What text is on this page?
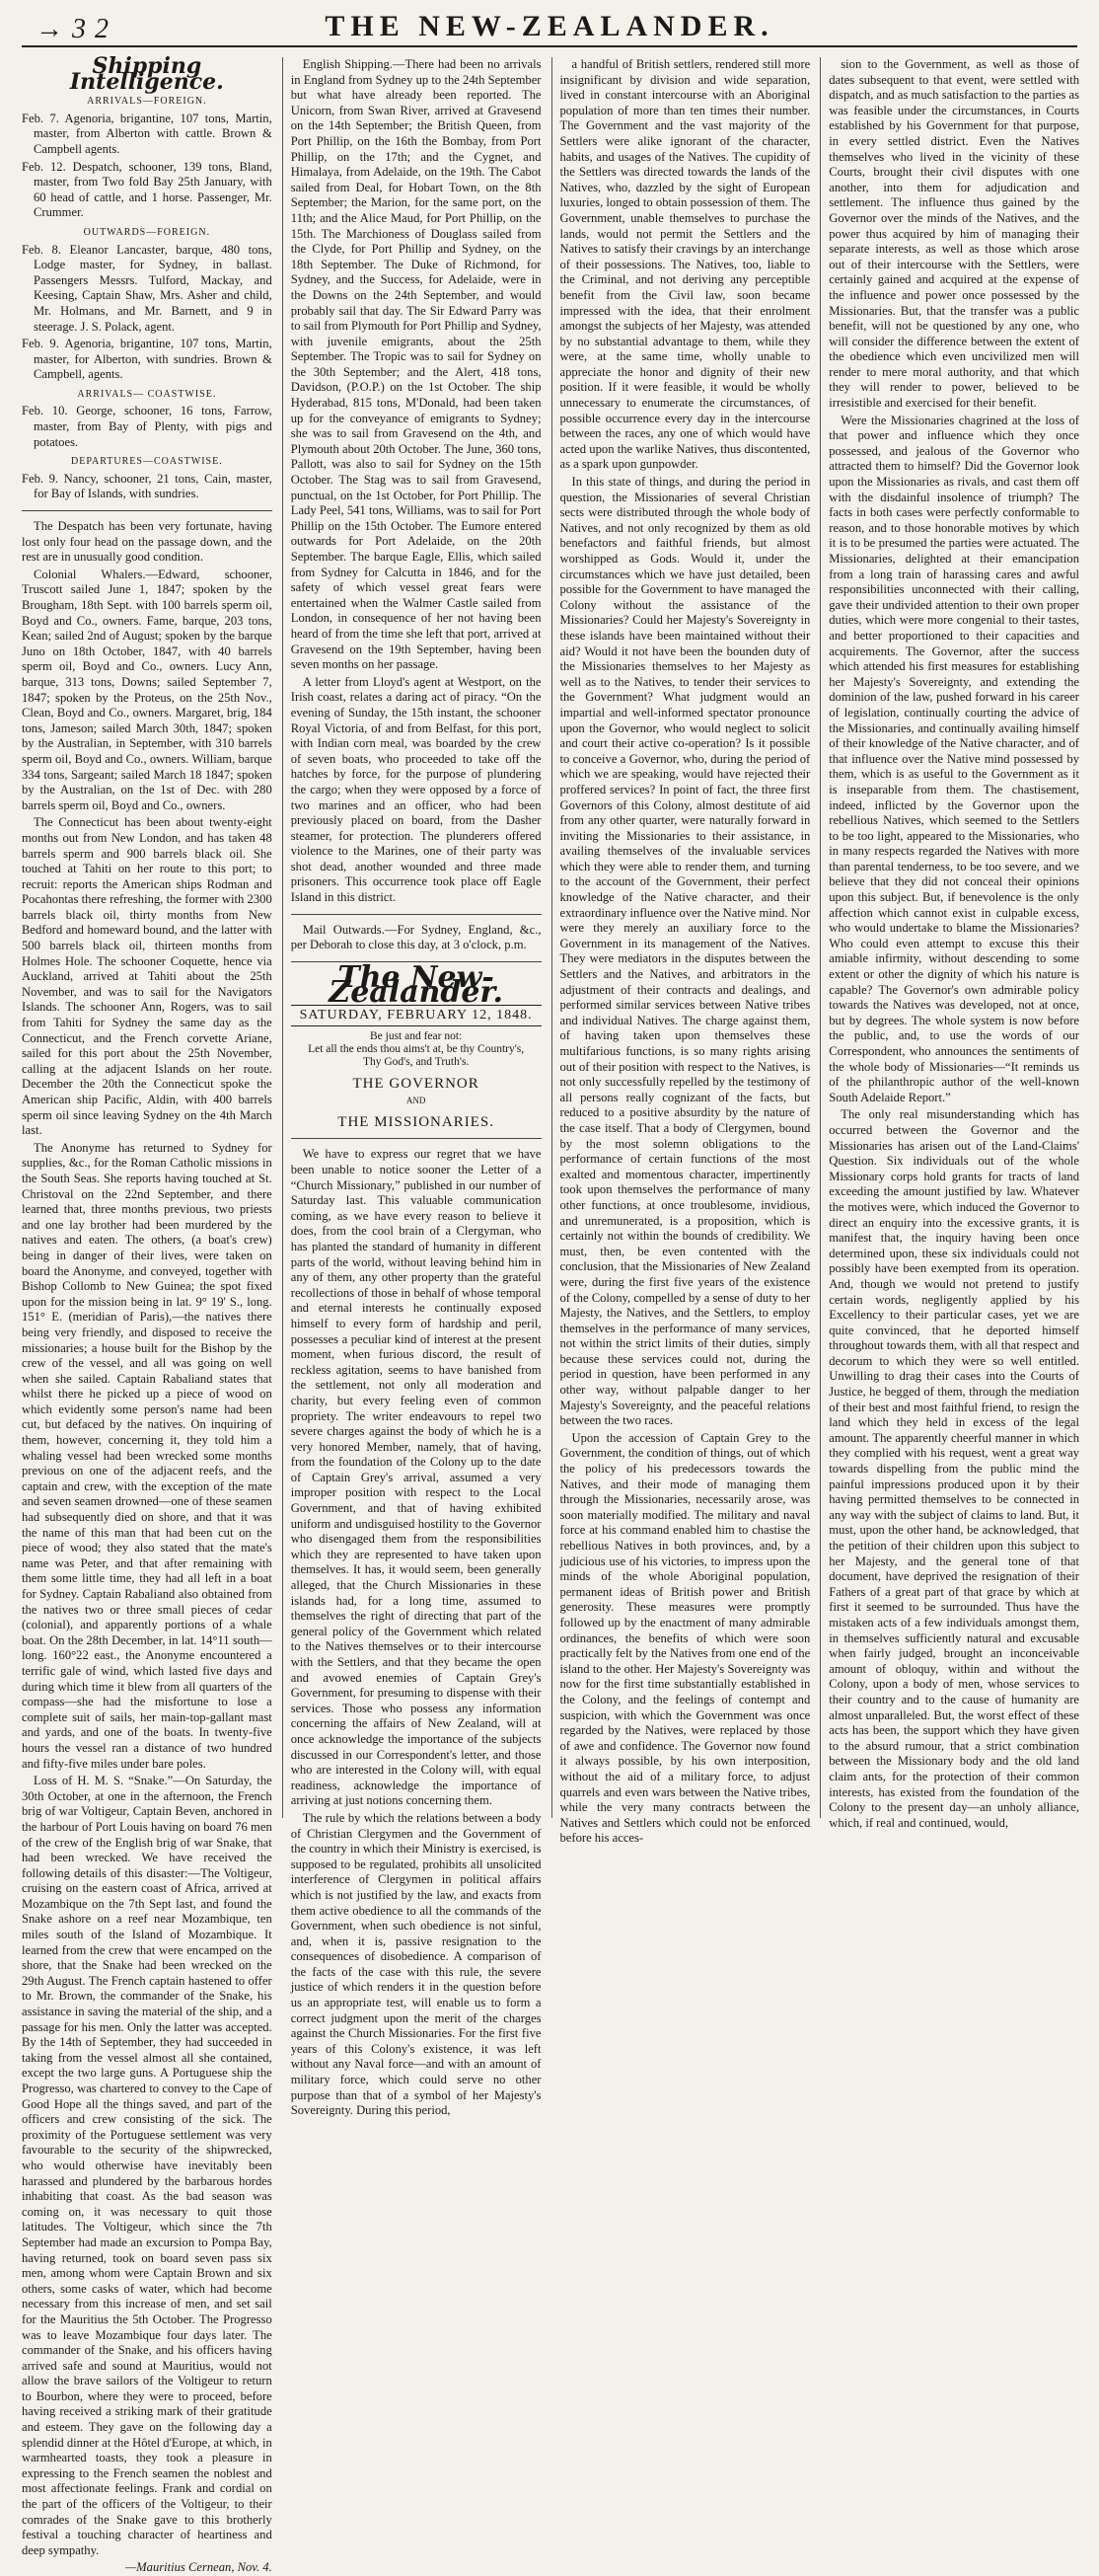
→ 3 2	THE NEW-ZEALANDER.
Shipping Intelligence.
ARRIVALS—FOREIGN.

Feb. 7. Agenoria, brigantine, 107 tons, Martin, master, from Alberton with cattle. Brown & Campbell agents.

Feb. 12. Despatch, schooner, 139 tons, Bland, master, from Two fold Bay 25th January, with 60 head of cattle, and 1 horse. Passenger, Mr. Crummer.

OUTWARDS—FOREIGN.

Feb. 8. Eleanor Lancaster, barque, 480 tons, Lodge master, for Sydney, in ballast. Passengers Messrs. Tulford, Mackay, and Keesing, Captain Shaw, Mrs. Asher and child, Mr. Holmans, and Mr. Barnett, and 9 in steerage. J. S. Polack, agent.

Feb. 9. Agenoria, brigantine, 107 tons, Martin, master, for Alberton, with sundries. Brown & Campbell, agents.

ARRIVALS— COASTWISE.

Feb. 10. George, schooner, 16 tons, Farrow, master, from Bay of Plenty, with pigs and potatoes.

DEPARTURES—COASTWISE.

Feb. 9. Nancy, schooner, 21 tons, Cain, master, for Bay of Islands, with sundries.

The Despatch has been very fortunate, having lost only four head on the passage down, and the rest are in unusually good condition.

Colonial Whalers.—Edward, schooner, Truscott sailed June 1, 1847; spoken by the Brougham, 18th Sept. with 100 barrels sperm oil, Boyd and Co., owners. Fame, barque, 203 tons, Kean; sailed 2nd of August; spoken by the barque Juno on 18th October, 1847, with 40 barrels sperm oil, Boyd and Co., owners. Lucy Ann, barque, 313 tons, Downs; sailed September 7, 1847; spoken by the Proteus, on the 25th Nov., Clean, Boyd and Co., owners. Margaret, brig, 184 tons, Jameson; sailed March 30th, 1847; spoken by the Australian, in September, with 310 barrels sperm oil, Boyd and Co., owners. William, barque 334 tons, Sargeant; sailed March 18 1847; spoken by the Australian, on the 1st of Dec. with 280 barrels sperm oil, Boyd and Co., owners.

The Connecticut has been about twenty-eight months out from New London, and has taken 48 barrels sperm and 900 barrels black oil. She touched at Tahiti on her route to this port; to recruit: reports the American ships Rodman and Pocahontas there refreshing, the former with 2300 barrels black oil, thirty months from New Bedford and homeward bound, and the latter with 500 barrels black oil, thirteen months from Holmes Hole. The schooner Coquette, hence via Auckland, arrived at Tahiti about the 25th November, and was to sail for the Navigators Islands. The schooner Ann, Rogers, was to sail from Tahiti for Sydney the same day as the Connecticut, and the French corvette Ariane, sailed for this port about the 25th November, calling at the adjacent Islands on her route. December the 20th the Connecticut spoke the American ship Pacific, Aldin, with 400 barrels sperm oil since leaving Sydney on the 4th March last.

The Anonyme has returned to Sydney for supplies, &c., for the Roman Catholic missions in the South Seas. She reports having touched at St. Christoval on the 22nd September, and there learned that, three months previous, two priests and one lay brother had been murdered by the natives and eaten. The others, (a boat's crew) being in danger of their lives, were taken on board the Anonyme, and conveyed, together with Bishop Collomb to New Guinea; the spot fixed upon for the mission being in lat. 9° 19' S., long. 151° E. (meridian of Paris),—the natives there being very friendly, and disposed to receive the missionaries; a house built for the Bishop by the crew of the vessel, and all was going on well when she sailed. Captain Rabaliand states that whilst there he picked up a piece of wood on which evidently some person's name had been cut, but defaced by the natives. On inquiring of them, however, concerning it, they told him a whaling vessel had been wrecked some months previous on one of the adjacent reefs, and the captain and crew, with the exception of the mate and seven seamen drowned—one of these seamen had subsequently died on shore, and that it was the name of this man that had been cut on the piece of wood; they also stated that the mate's name was Peter, and that after remaining with them some little time, they had all left in a boat for Sydney. Captain Rabaliand also obtained from the natives two or three small pieces of cedar (colonial), and apparently portions of a whale boat. On the 28th December, in lat. 14°11 south—long. 160°22 east., the Anonyme encountered a terrific gale of wind, which lasted five days and during which time it blew from all quarters of the compass—she had the misfortune to lose a complete suit of sails, her main-top-gallant mast and yards, and one of the boats. In twenty-five hours the vessel ran a distance of two hundred and fifty-five miles under bare poles.

Loss of H. M. S. “Snake.”—On Saturday, the 30th October, at one in the afternoon, the French brig of war Voltigeur, Captain Beven, anchored in the harbour of Port Louis having on board 76 men of the crew of the English brig of war Snake, that had been wrecked. We have received the following details of this disaster:—The Voltigeur, cruising on the eastern coast of Africa, arrived at Mozambique on the 7th Sept last, and found the Snake ashore on a reef near Mozambique, ten miles south of the Island of Mozambique. It learned from the crew that were encamped on the shore, that the Snake had been wrecked on the 29th August. The French captain hastened to offer to Mr. Brown, the commander of the Snake, his assistance in saving the material of the ship, and a passage for his men. Only the latter was accepted. By the 14th of September, they had succeeded in taking from the vessel almost all she contained, except the two large guns. A Portuguese ship the Progresso, was chartered to convey to the Cape of Good Hope all the things saved, and part of the officers and crew consisting of the sick. The proximity of the Portuguese settlement was very favourable to the security of the shipwrecked, who would otherwise have inevitably been harassed and plundered by the barbarous hordes inhabiting that coast. As the bad season was coming on, it was necessary to quit those latitudes. The Voltigeur, which since the 7th September had made an excursion to Pompa Bay, having returned, took on board seven pass six men, among whom were Captain Brown and six others, some casks of water, which had become necessary from this increase of men, and set sail for the Mauritius the 5th October. The Progresso was to leave Mozambique four days later. The commander of the Snake, and his officers having arrived safe and sound at Mauritius, would not allow the brave sailors of the Voltigeur to return to Bourbon, where they were to proceed, before having received a striking mark of their gratitude and esteem. They gave on the following day a splendid dinner at the Hôtel d'Europe, at which, in warmhearted toasts, they took a pleasure in expressing to the French seamen the noblest and most affectionate feelings. Frank and cordial on the part of the officers of the Voltigeur, to their comrades of the Snake gave to this brotherly festival a touching character of heartiness and deep sympathy.

—Mauritius Cernean, Nov. 4.

English Shipping.—There had been no arrivals in England from Sydney up to the 24th September but what have already been reported. The Unicorn, from Swan River, arrived at Gravesend on the 14th September; the British Queen, from Port Phillip, on the 16th the Bombay, from Port Phillip, on the 17th; and the Cygnet, and Himalaya, from Adelaide, on the 19th. The Cabot sailed from Deal, for Hobart Town, on the 8th September; the Marion, for the same port, on the 11th; and the Alice Maud, for Port Phillip, on the 15th. The Marchioness of Douglass sailed from the Clyde, for Port Phillip and Sydney, on the 18th September. The Duke of Richmond, for Sydney, and the Success, for Adelaide, were in the Downs on the 24th September, and would probably sail that day. The Sir Edward Parry was to sail from Plymouth for Port Phillip and Sydney, with juvenile emigrants, about the 25th September. The Tropic was to sail for Sydney on the 30th September; and the Alert, 418 tons, Davidson, (P.O.P.) on the 1st October. The ship Hyderabad, 815 tons, M'Donald, had been taken up for the conveyance of emigrants to Sydney; she was to sail from Gravesend on the 4th, and Plymouth about 20th October. The June, 360 tons, Pallott, was also to sail for Sydney on the 15th October. The Stag was to sail from Gravesend, punctual, on the 1st October, for Port Phillip. The Lady Peel, 541 tons, Williams, was to sail for Port Phillip on the 15th October. The Eumore entered outwards for Port Adelaide, on the 20th September. The barque Eagle, Ellis, which sailed from Sydney for Calcutta in 1846, and for the safety of which vessel great fears were entertained when the Walmer Castle sailed from London, in consequence of her not having been heard of from the time she left that port, arrived at Gravesend on the 19th September, having been seven months on her passage.

A letter from Lloyd's agent at Westport, on the Irish coast, relates a daring act of piracy. “On the evening of Sunday, the 15th instant, the schooner Royal Victoria, of and from Belfast, for this port, with Indian corn meal, was boarded by the crew of seven boats, who proceeded to take off the hatches by force, for the purpose of plundering the cargo; when they were opposed by a force of two marines and an officer, who had been previously placed on board, from the Dasher steamer, for protection. The plunderers offered violence to the Marines, one of their party was shot dead, another wounded and three made prisoners. This occurrence took place off Eagle Island in this district.

Mail Outwards.—For Sydney, England, &c., per Deborah to close this day, at 3 o'clock, p.m.

The New-Zealander.
SATURDAY, FEBRUARY 12, 1848.
Be just and fear not:
Let all the ends thou aims't at, be thy Country's,
Thy God's, and Truth's.
THE GOVERNOR
AND
THE MISSIONARIES.

We have to express our regret that we have been unable to notice sooner the Letter of a “Church Missionary,” published in our number of Saturday last. This valuable communication coming, as we have every reason to believe it does, from the cool brain of a Clergyman, who has planted the standard of humanity in different parts of the world, without leaving behind him in any of them, any other property than the grateful recollections of those in behalf of whose temporal and eternal interests he continually exposed himself to every form of hardship and peril, possesses a peculiar kind of interest at the present moment, when furious discord, the result of reckless agitation, seems to have banished from the settlement, not only all moderation and charity, but every feeling even of common propriety. The writer endeavours to repel two severe charges against the body of which he is a very honored Member, namely, that of having, from the foundation of the Colony up to the date of Captain Grey's arrival, assumed a very improper position with respect to the Local Government, and that of having exhibited uniform and undisguised hostility to the Governor who disengaged them from the responsibilities which they are represented to have taken upon themselves. It has, it would seem, been generally alleged, that the Church Missionaries in these islands had, for a long time, assumed to themselves the right of directing that part of the general policy of the Government which related to the Natives themselves or to their intercourse with the Settlers, and that they became the open and avowed enemies of Captain Grey's Government, for presuming to dispense with their services. Those who possess any information concerning the affairs of New Zealand, will at once acknowledge the importance of the subjects discussed in our Correspondent's letter, and those who are interested in the Colony will, with equal readiness, acknowledge the importance of arriving at just notions concerning them.

The rule by which the relations between a body of Christian Clergymen and the Government of the country in which their Ministry is exercised, is supposed to be regulated, prohibits all unsolicited interference of Clergymen in political affairs which is not justified by the law, and exacts from them active obedience to all the commands of the Government, when such obedience is not sinful, and, when it is, passive resignation to the consequences of disobedience. A comparison of the facts of the case with this rule, the severe justice of which renders it in the question before us an appropriate test, will enable us to form a correct judgment upon the merit of the charges against the Church Missionaries. For the first five years of this Colony's existence, it was left without any Naval force—and with an amount of military force, which could serve no other purpose than that of a symbol of her Majesty's Sovereignty. During this period,

a handful of British settlers, rendered still more insignificant by division and wide separation, lived in constant intercourse with an Aboriginal population of more than ten times their number. The Government and the vast majority of the Settlers were alike ignorant of the character, habits, and usages of the Natives. The cupidity of the Settlers was directed towards the lands of the Natives, who, dazzled by the sight of European luxuries, longed to obtain possession of them. The Government, unable themselves to purchase the lands, would not permit the Settlers and the Natives to satisfy their cravings by an interchange of their possessions. The Natives, too, liable to the Criminal, and not deriving any perceptible benefit from the Civil law, soon became impressed with the idea, that their enrolment amongst the subjects of her Majesty, was attended by no substantial advantage to them, while they were, at the same time, wholly unable to appreciate the honor and dignity of their new position. If it were feasible, it would be wholly unnecessary to enumerate the circumstances, of possible occurrence every day in the intercourse between the races, any one of which would have acted upon the warlike Natives, thus discontented, as a spark upon gunpowder.

In this state of things, and during the period in question, the Missionaries of several Christian sects were distributed through the whole body of Natives, and not only recognized by them as old benefactors and faithful friends, but almost worshipped as Gods. Would it, under the circumstances which we have just detailed, been possible for the Government to have managed the Colony without the assistance of the Missionaries? Could her Majesty's Sovereignty in these islands have been maintained without their aid? Would it not have been the bounden duty of the Missionaries themselves to her Majesty as well as to the Natives, to tender their services to the Government? What judgment would an impartial and well-informed spectator pronounce upon the Governor, who would neglect to solicit and court their active co-operation? Is it possible to conceive a Governor, who, during the period of which we are speaking, would have rejected their proffered services? In point of fact, the three first Governors of this Colony, almost destitute of aid from any other quarter, were naturally forward in inviting the Missionaries to their assistance, in availing themselves of the invaluable services which they were able to render them, and turning to the account of the Government, their perfect knowledge of the Native character, and their extraordinary influence over the Native mind. Nor were they merely an auxiliary force to the Government in its management of the Natives. They were mediators in the disputes between the Settlers and the Natives, and arbitrators in the adjustment of their contracts and dealings, and performed similar services between Native tribes and individual Natives. The charge against them, of having taken upon themselves these multifarious functions, is so many rights arising out of their position with respect to the Natives, is not only successfully repelled by the testimony of all persons really cognizant of the facts, but reduced to a positive absurdity by the nature of the case itself. That a body of Clergymen, bound by the most solemn obligations to the performance of certain functions of the most exalted and momentous character, impertinently took upon themselves the performance of many other functions, at once troublesome, invidious, and unremunerated, is a proposition, which is certainly not within the bounds of credibility. We must, then, be even contented with the conclusion, that the Missionaries of New Zealand were, during the first five years of the existence of the Colony, compelled by a sense of duty to her Majesty, the Natives, and the Settlers, to employ themselves in the performance of many services, not within the strict limits of their duties, simply because these services could not, during the period in question, have been performed in any other way, without palpable danger to her Majesty's Sovereignty, and the peaceful relations between the two races.

Upon the accession of Captain Grey to the Government, the condition of things, out of which the policy of his predecessors towards the Natives, and their mode of managing them through the Missionaries, necessarily arose, was soon materially modified. The military and naval force at his command enabled him to chastise the rebellious Natives in both provinces, and, by a judicious use of his victories, to impress upon the minds of the whole Aboriginal population, permanent ideas of British power and British generosity. These measures were promptly followed up by the enactment of many admirable ordinances, the benefits of which were soon practically felt by the Natives from one end of the island to the other. Her Majesty's Sovereignty was now for the first time substantially established in the Colony, and the feelings of contempt and suspicion, with which the Government was once regarded by the Natives, were replaced by those of awe and confidence. The Governor now found it always possible, by his own interposition, without the aid of a military force, to adjust quarrels and even wars between the Native tribes, while the very many contracts between the Natives and Settlers which could not be enforced before his acces-

sion to the Government, as well as those of dates subsequent to that event, were settled with dispatch, and as much satisfaction to the parties as was feasible under the circumstances, in Courts established by his Government for that purpose, in every settled district. Even the Natives themselves who lived in the vicinity of these Courts, brought their civil disputes with one another, into them for adjudication and settlement. The influence thus gained by the Governor over the minds of the Natives, and the power thus acquired by him of managing their separate interests, as well as those which arose out of their intercourse with the Settlers, were certainly gained and acquired at the expense of the influence and power once possessed by the Missionaries. But, that the transfer was a public benefit, will not be questioned by any one, who will consider the difference between the extent of the obedience which even uncivilized men will render to mere moral authority, and that which they will render to power, believed to be irresistible and exercised for their benefit.

Were the Missionaries chagrined at the loss of that power and influence which they once possessed, and jealous of the Governor who attracted them to himself? Did the Governor look upon the Missionaries as rivals, and cast them off with the disdainful insolence of triumph? The facts in both cases were perfectly conformable to reason, and to those honorable motives by which it is to be presumed the parties were actuated. The Missionaries, delighted at their emancipation from a long train of harassing cares and awful responsibilities unconnected with their calling, gave their undivided attention to their own proper duties, which were more congenial to their tastes, and better proportioned to their capacities and acquirements. The Governor, after the success which attended his first measures for establishing her Majesty's Sovereignty, and extending the dominion of the law, pushed forward in his career of legislation, continually courting the advice of the Missionaries, and continually availing himself of their knowledge of the Native character, and of that influence over the Native mind possessed by them, which is as useful to the Government as it is inseparable from them. The chastisement, indeed, inflicted by the Governor upon the rebellious Natives, which seemed to the Settlers to be too light, appeared to the Missionaries, who in many respects regarded the Natives with more than parental tenderness, to be too severe, and we believe that they did not conceal their opinions upon this subject. But, if benevolence is the only affection which cannot exist in culpable excess, who would undertake to blame the Missionaries? Who could even attempt to excuse this their amiable infirmity, without descending to some extent or other the dignity of which his nature is capable? The Governor's own admirable policy towards the Natives was developed, not at once, but by degrees. The whole system is now before the public, and, to use the words of our Correspondent, who announces the sentiments of the whole body of Missionaries—“It reminds us of the philanthropic author of the well-known South Adelaide Report.”

The only real misunderstanding which has occurred between the Governor and the Missionaries has arisen out of the Land-Claims' Question. Six individuals out of the whole Missionary corps hold grants for tracts of land exceeding the amount justified by law. Whatever the motives were, which induced the Governor to direct an enquiry into the excessive grants, it is manifest that, the inquiry having been once determined upon, these six individuals could not possibly have been exempted from its operation. And, though we would not pretend to justify certain words, negligently applied by his Excellency to their particular cases, yet we are quite convinced, that he deported himself throughout towards them, with all that respect and decorum to which they were so well entitled. Unwilling to drag their cases into the Courts of Justice, he begged of them, through the mediation of their best and most faithful friend, to resign the land which they held in excess of the legal amount. The apparently cheerful manner in which they complied with his request, went a great way towards dispelling from the public mind the painful impressions produced upon it by their having permitted themselves to be connected in any way with the subject of claims to land. But, it must, upon the other hand, be acknowledged, that the petition of their children upon this subject to her Majesty, and the general tone of that document, have deprived the resignation of their Fathers of a great part of that grace by which at first it seemed to be surrounded. Thus have the mistaken acts of a few individuals amongst them, in themselves sufficiently natural and excusable when fairly judged, brought an inconceivable amount of obloquy, within and without the Colony, upon a body of men, whose services to their country and to the cause of humanity are almost unparalleled. But, the worst effect of these acts has been, the support which they have given to the absurd rumour, that a strict combination between the Missionary body and the old land claim ants, for the protection of their common interests, has existed from the foundation of the Colony to the present day—an unholy alliance, which, if real and continued, would,
